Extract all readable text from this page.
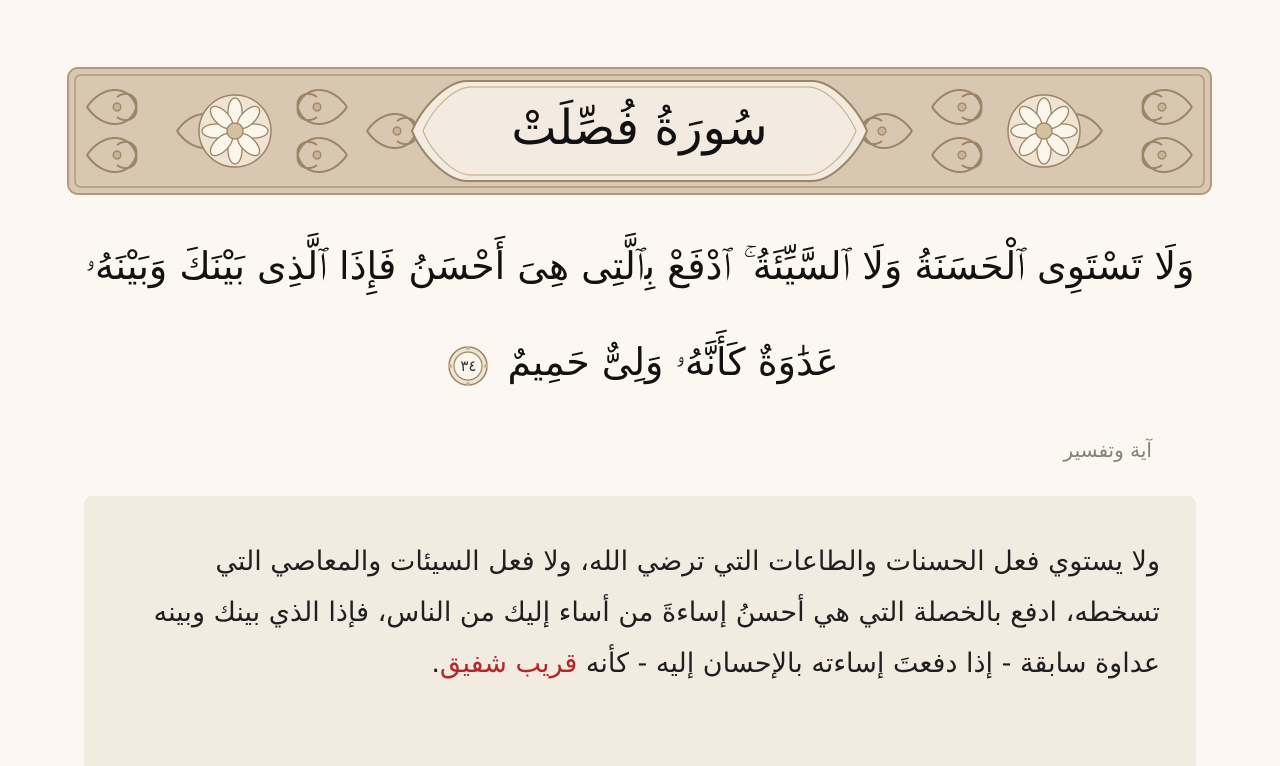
سُورَةُ فُصِّلَتْ
وَلَا تَسْتَوِى ٱلْحَسَنَةُ وَلَا ٱلسَّيِّئَةُ ۚ ٱدْفَعْ بِٱلَّتِى هِىَ أَحْسَنُ فَإِذَا ٱلَّذِى بَيْنَكَ وَبَيْنَهُۥ عَدَٰوَةٌ كَأَنَّهُۥ وَلِىٌّ حَمِيمٌ
٣٤
آية وتفسير
ولا يستوي فعل الحسنات والطاعات التي ترضي الله، ولا فعل السيئات والمعاصي التي تسخطه، ادفع بالخصلة التي هي أحسنُ إساءةَ من أساء إليك من الناس، فإذا الذي بينك وبينه عداوة سابقة - إذا دفعتَ إساءته بالإحسان إليه - كأنه قريب شفيق.
